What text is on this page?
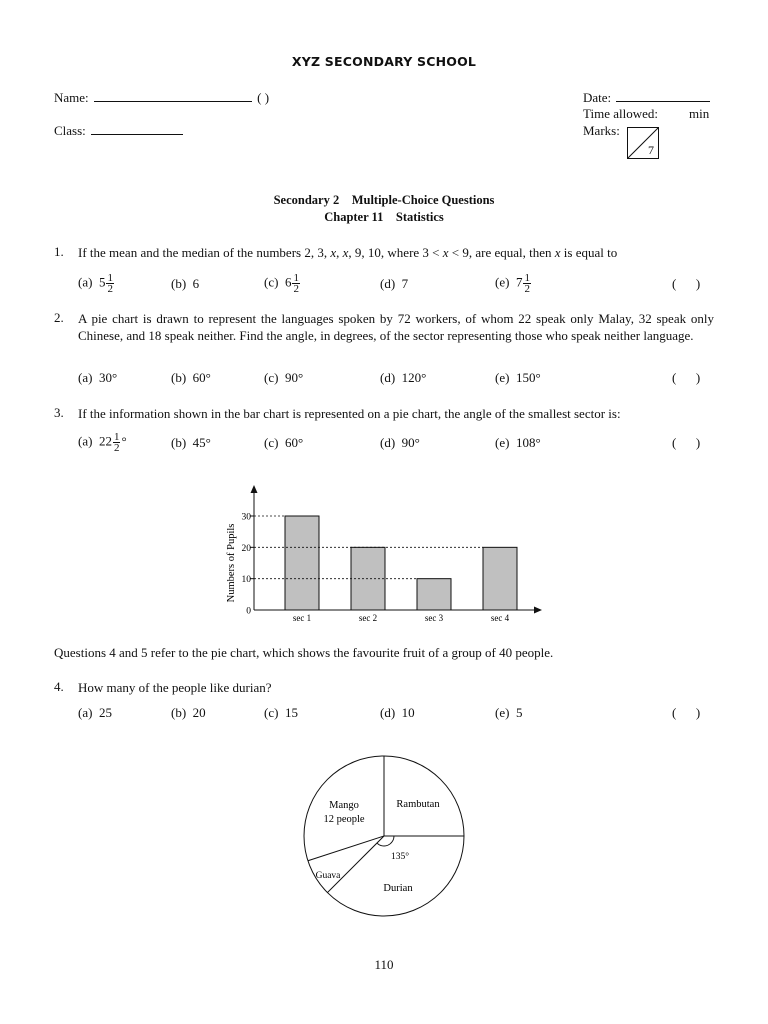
XYZ SECONDARY SCHOOL
Name:	( )
Class:
Date:
Time allowed: min
Marks:
7
Secondary 2    Multiple-Choice Questions
Chapter 11    Statistics
1. If the mean and the median of the numbers 2, 3, x, x, 9, 10, where 3 < x < 9, are equal, then x is equal to
(a) $5 \frac{1}{2}$	(b) 6	(c) $6 \frac{1}{2}$	(d) 7	(e) $7 \frac{1}{2}$	(      )
2. A pie chart is drawn to represent the languages spoken by 72 workers, of whom 22 speak only Malay, 32 speak only Chinese, and 18 speak neither. Find the angle, in degrees, of the sector representing those who speak neither language.
(a) 30°	(b) 60°	(c) 90°	(d) 120°	(e) 150°	(      )
3. If the information shown in the bar chart is represented on a pie chart, the angle of the smallest sector is:
(a) $22 \frac{1}{2}$ °	(b) 45°	(c) 60°	(d) 90°	(e) 108°	(      )
0
10
20
30
sec 1	sec 2	sec 3	sec 4
Numbers of Pupils
Questions 4 and 5 refer to the pie chart, which shows the favourite fruit of a group of 40 people.
4. How many of the people like durian?
(a) 25	(b) 20	(c) 15	(d) 10	(e) 5	(      )
Mango
12 people
Rambutan
Durian
Guava
135°
110
